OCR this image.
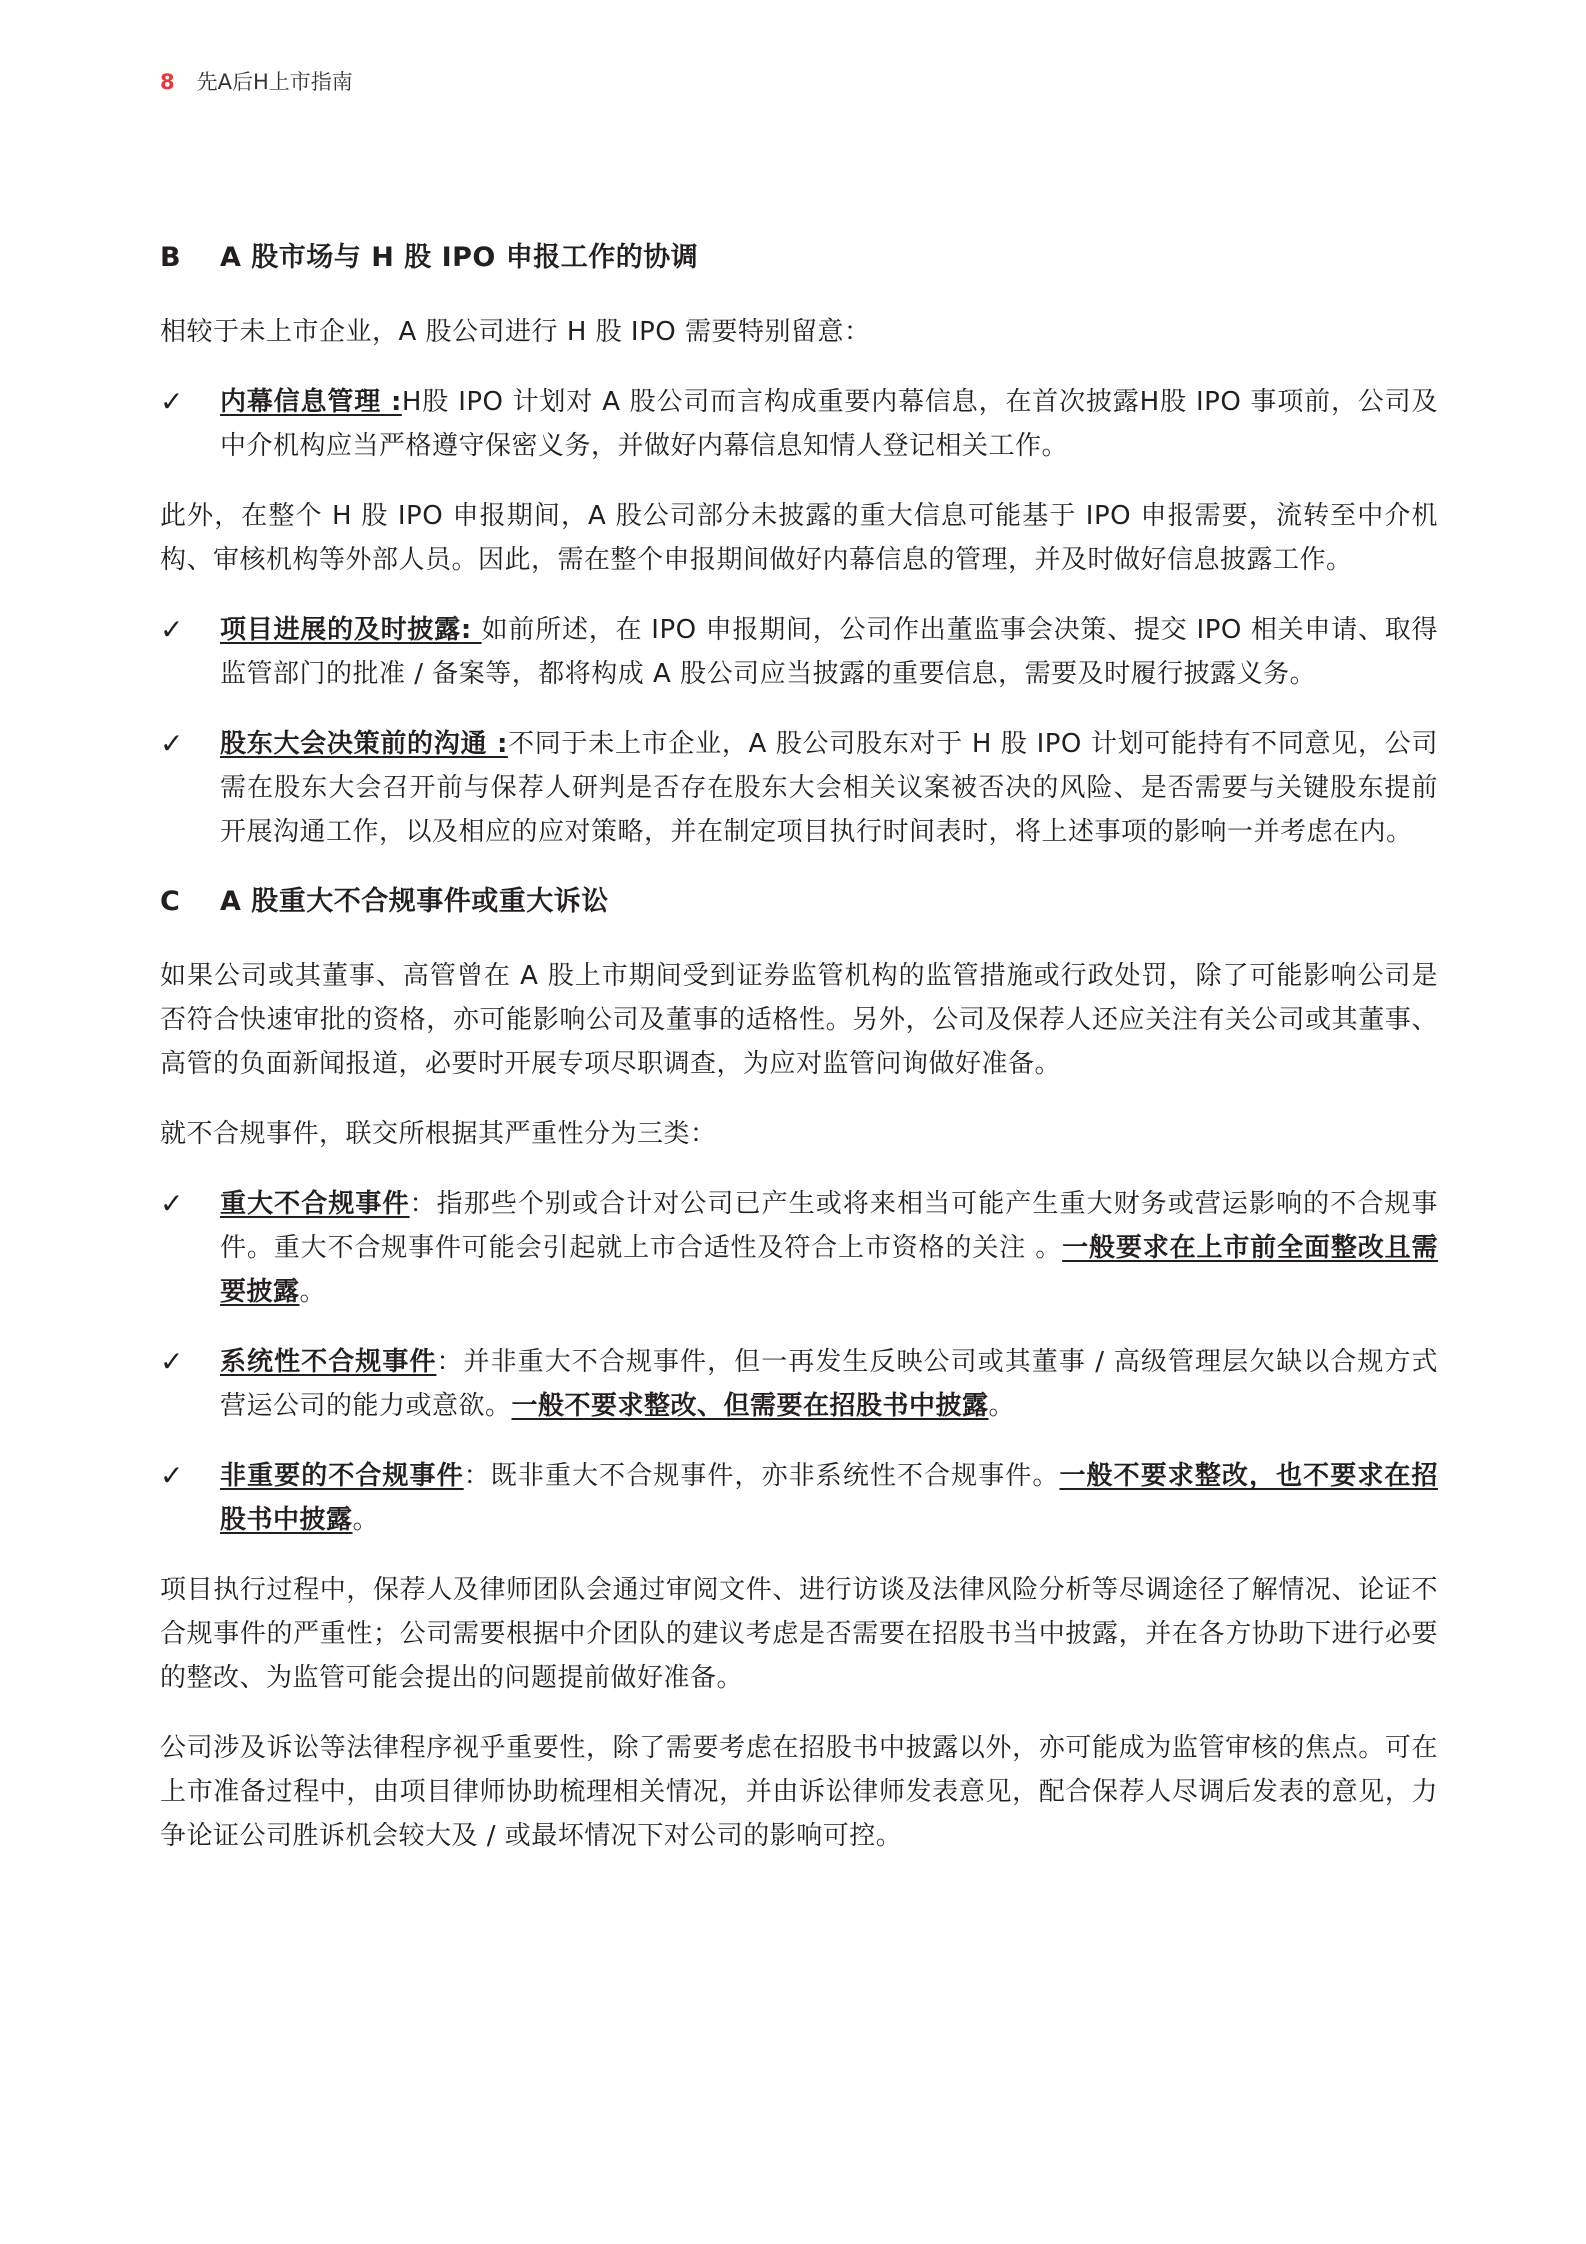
8 先A后H上市指南
B	A 股市场与 H 股 IPO 申报工作的协调

相较于未上市企业，A 股公司进行 H 股 IPO 需要特别留意：

✓ 内幕信息管理 :H股 IPO 计划对 A 股公司而言构成重要内幕信息，在首次披露H股 IPO 事项前，公司及中介机构应当严格遵守保密义务，并做好内幕信息知情人登记相关工作。

此外，在整个 H 股 IPO 申报期间，A 股公司部分未披露的重大信息可能基于 IPO 申报需要，流转至中介机构、审核机构等外部人员。因此，需在整个申报期间做好内幕信息的管理，并及时做好信息披露工作。

✓ 项目进展的及时披露: 如前所述，在 IPO 申报期间，公司作出董监事会决策、提交 IPO 相关申请、取得监管部门的批准 / 备案等，都将构成 A 股公司应当披露的重要信息，需要及时履行披露义务。
✓ 股东大会决策前的沟通 :不同于未上市企业，A 股公司股东对于 H 股 IPO 计划可能持有不同意见，公司需在股东大会召开前与保荐人研判是否存在股东大会相关议案被否决的风险、是否需要与关键股东提前开展沟通工作，以及相应的应对策略，并在制定项目执行时间表时，将上述事项的影响一并考虑在内。
C	A 股重大不合规事件或重大诉讼

如果公司或其董事、高管曾在 A 股上市期间受到证券监管机构的监管措施或行政处罚，除了可能影响公司是否符合快速审批的资格，亦可能影响公司及董事的适格性。另外，公司及保荐人还应关注有关公司或其董事、高管的负面新闻报道，必要时开展专项尽职调查，为应对监管问询做好准备。

就不合规事件，联交所根据其严重性分为三类：

✓ 重大不合规事件：指那些个别或合计对公司已产生或将来相当可能产生重大财务或营运影响的不合规事件。重大不合规事件可能会引起就上市合适性及符合上市资格的关注 。一般要求在上市前全面整改且需要披露。
✓ 系统性不合规事件：并非重大不合规事件，但一再发生反映公司或其董事 / 高级管理层欠缺以合规方式营运公司的能力或意欲。一般不要求整改、但需要在招股书中披露。
✓ 非重要的不合规事件：既非重大不合规事件，亦非系统性不合规事件。一般不要求整改，也不要求在招股书中披露。

项目执行过程中，保荐人及律师团队会通过审阅文件、进行访谈及法律风险分析等尽调途径了解情况、论证不合规事件的严重性；公司需要根据中介团队的建议考虑是否需要在招股书当中披露，并在各方协助下进行必要的整改、为监管可能会提出的问题提前做好准备。

公司涉及诉讼等法律程序视乎重要性，除了需要考虑在招股书中披露以外，亦可能成为监管审核的焦点。可在上市准备过程中，由项目律师协助梳理相关情况，并由诉讼律师发表意见，配合保荐人尽调后发表的意见，力争论证公司胜诉机会较大及 / 或最坏情况下对公司的影响可控。
